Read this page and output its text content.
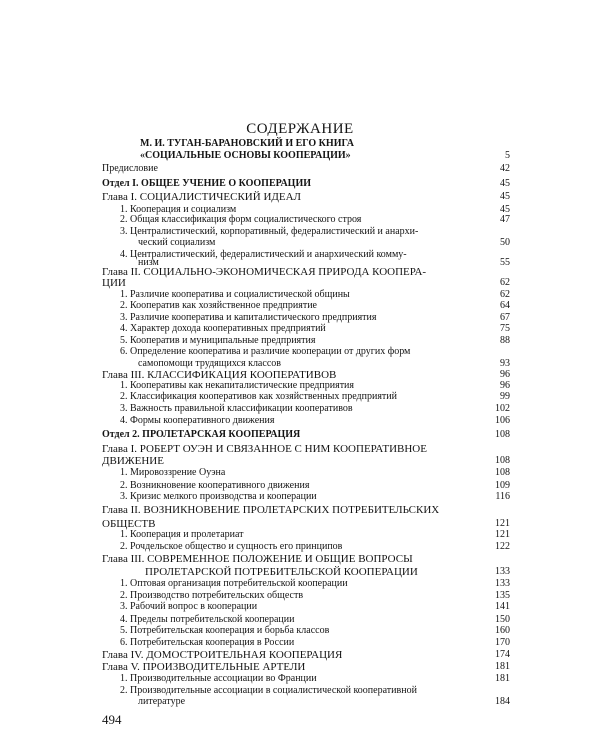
СОДЕРЖАНИЕ
М. И. ТУГАН-БАРАНОВСКИЙ И ЕГО КНИГА
«СОЦИАЛЬНЫЕ ОСНОВЫ КООПЕРАЦИИ»	5
Предисловие	42
Отдел I. ОБЩЕЕ УЧЕНИЕ О КООПЕРАЦИИ	45
Глава I. СОЦИАЛИСТИЧЕСКИЙ ИДЕАЛ	45
1. Кооперация и социализм	45
2. Общая классификация форм социалистического строя	47
3. Централистический, корпоративный, федералистический и анархи-
ческий социализм	50
4. Централистический, федералистический и анархический комму-
низм	55
Глава II. СОЦИАЛЬНО-ЭКОНОМИЧЕСКАЯ ПРИРОДА КООПЕРА-
ЦИИ	62
1. Различие кооператива и социалистической общины	62
2. Кооператив как хозяйственное предприятие	64
3. Различие кооператива и капиталистического предприятия	67
4. Характер дохода кооперативных предприятий	75
5. Кооператив и муниципальные предприятия	88
6. Определение кооператива и различие кооперации от других форм
самопомощи трудящихся классов	93
Глава III. КЛАССИФИКАЦИЯ КООПЕРАТИВОВ	96
1. Кооперативы как некапиталистические предприятия	96
2. Классификация кооперативов как хозяйственных предприятий	99
3. Важность правильной классификации кооперативов	102
4. Формы кооперативного движения	106
Отдел 2. ПРОЛЕТАРСКАЯ КООПЕРАЦИЯ	108
Глава I. РОБЕРТ ОУЭН И СВЯЗАННОЕ С НИМ КООПЕРАТИВНОЕ
ДВИЖЕНИЕ	108
1. Мировоззрение Оуэна	108
2. Возникновение кооперативного движения	109
3. Кризис мелкого производства и кооперации	116
Глава II. ВОЗНИКНОВЕНИЕ ПРОЛЕТАРСКИХ ПОТРЕБИТЕЛЬСКИХ
ОБЩЕСТВ	121
1. Кооперация и пролетариат	121
2. Рочдельское общество и сущность его принципов	122
Глава III. СОВРЕМЕННОЕ ПОЛОЖЕНИЕ И ОБЩИЕ ВОПРОСЫ
ПРОЛЕТАРСКОЙ ПОТРЕБИТЕЛЬСКОЙ КООПЕРАЦИИ	133
1. Оптовая организация потребительской кооперации	133
2. Производство потребительских обществ	135
3. Рабочий вопрос в кооперации	141
4. Пределы потребительской кооперации	150
5. Потребительская кооперация и борьба классов	160
6. Потребительская кооперация в России	170
Глава IV. ДОМОСТРОИТЕЛЬНАЯ КООПЕРАЦИЯ	174
Глава V. ПРОИЗВОДИТЕЛЬНЫЕ АРТЕЛИ	181
1. Производительные ассоциации во Франции	181
2. Производительные ассоциации в социалистической кооперативной
литературе	184
494
